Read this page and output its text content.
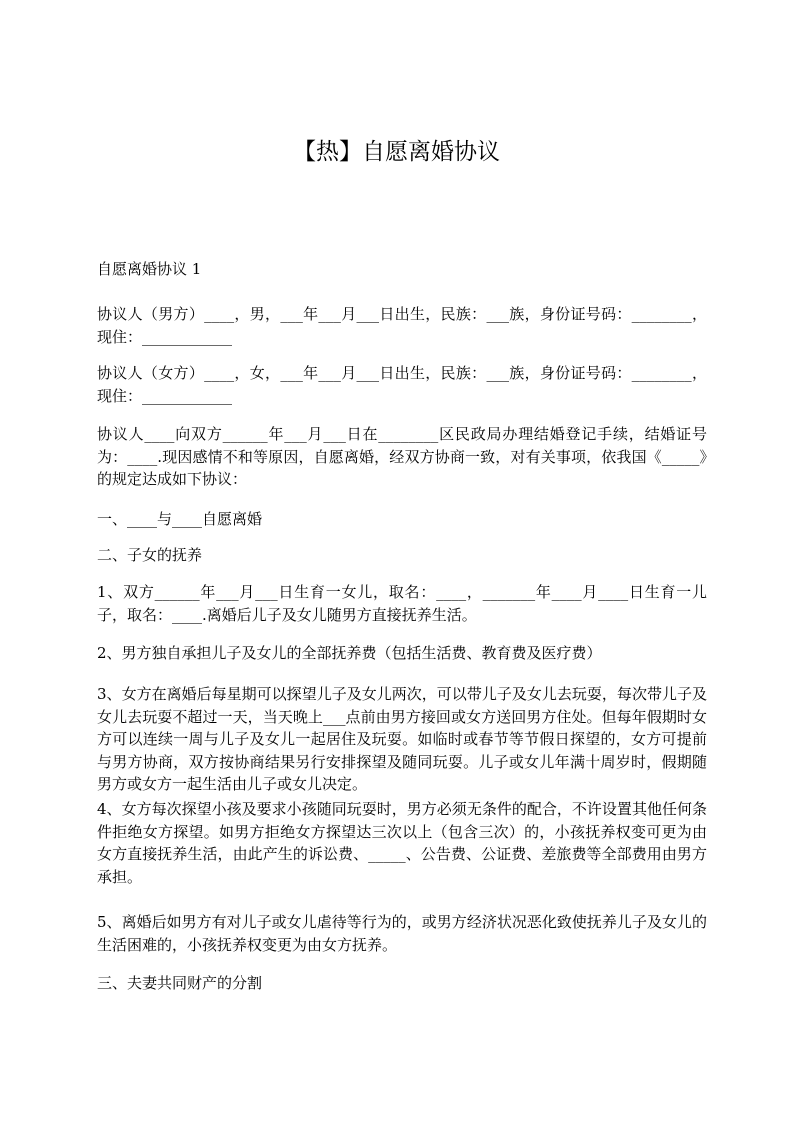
【热】自愿离婚协议
自愿离婚协议 1
协议人（男方）____，男，___年___月___日出生，民族：___族，身份证号码：________，现住：____________
协议人（女方）____，女，___年___月___日出生，民族：___族，身份证号码：________，现住：____________
协议人____向双方______年___月___日在________区民政局办理结婚登记手续，结婚证号为：____.现因感情不和等原因，自愿离婚，经双方协商一致，对有关事项，依我国《_____》的规定达成如下协议：
一、____与____自愿离婚
二、子女的抚养
1、双方______年___月___日生育一女儿，取名：____，_______年____月____日生育一儿子，取名：____.离婚后儿子及女儿随男方直接抚养生活。
2、男方独自承担儿子及女儿的全部抚养费（包括生活费、教育费及医疗费）
3、女方在离婚后每星期可以探望儿子及女儿两次，可以带儿子及女儿去玩耍，每次带儿子及女儿去玩耍不超过一天，当天晚上___点前由男方接回或女方送回男方住处。但每年假期时女方可以连续一周与儿子及女儿一起居住及玩耍。如临时或春节等节假日探望的，女方可提前与男方协商，双方按协商结果另行安排探望及随同玩耍。儿子或女儿年满十周岁时，假期随男方或女方一起生活由儿子或女儿决定。
4、女方每次探望小孩及要求小孩随同玩耍时，男方必须无条件的配合，不许设置其他任何条件拒绝女方探望。如男方拒绝女方探望达三次以上（包含三次）的，小孩抚养权变可更为由女方直接抚养生活，由此产生的诉讼费、_____、公告费、公证费、差旅费等全部费用由男方承担。
5、离婚后如男方有对儿子或女儿虐待等行为的，或男方经济状况恶化致使抚养儿子及女儿的生活困难的，小孩抚养权变更为由女方抚养。
三、夫妻共同财产的分割
